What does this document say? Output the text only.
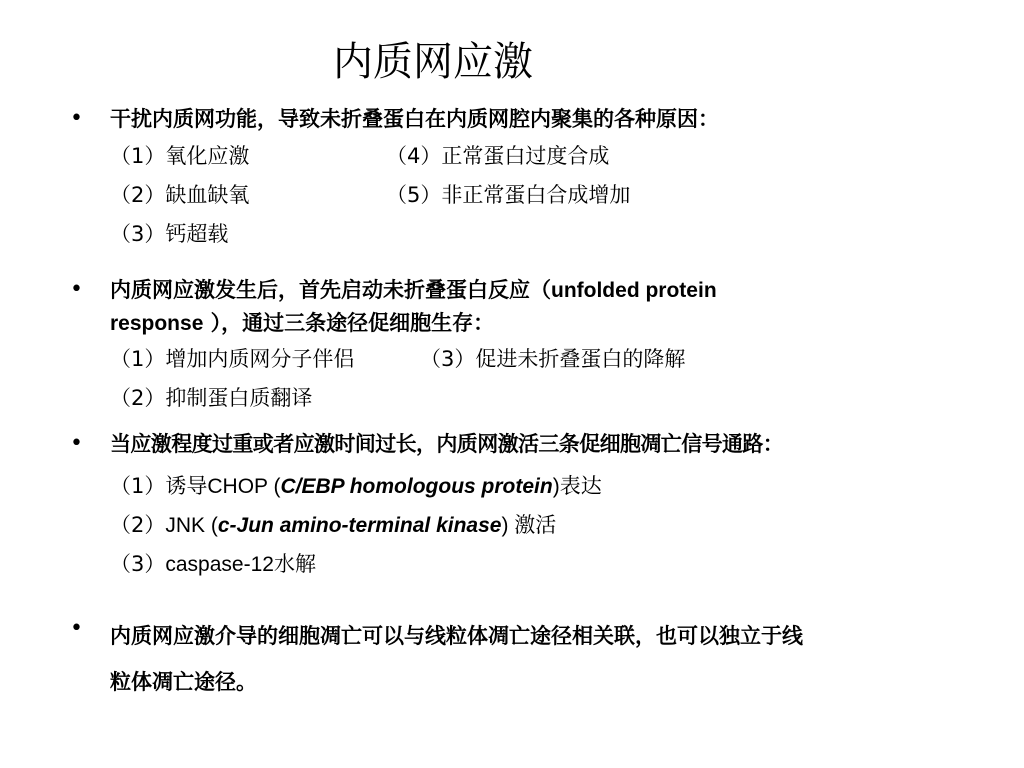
内质网应激
• 干扰内质网功能，导致未折叠蛋白在内质网腔内聚集的各种原因：
（1）氧化应激	（4）正常蛋白过度合成
（2）缺血缺氧	（5）非正常蛋白合成增加
（3）钙超载
• 内质网应激发生后，首先启动未折叠蛋白反应（unfolded protein
response ），通过三条途径促细胞生存：
（1）增加内质网分子伴侣	（3）促进未折叠蛋白的降解
（2）抑制蛋白质翻译
• 当应激程度过重或者应激时间过长，内质网激活三条促细胞凋亡信号通路：
（1）诱导CHOP (C/EBP homologous protein)表达
（2）JNK (c-Jun amino-terminal kinase) 激活
（3）caspase-12水解
• 内质网应激介导的细胞凋亡可以与线粒体凋亡途径相关联，也可以独立于线
粒体凋亡途径。
